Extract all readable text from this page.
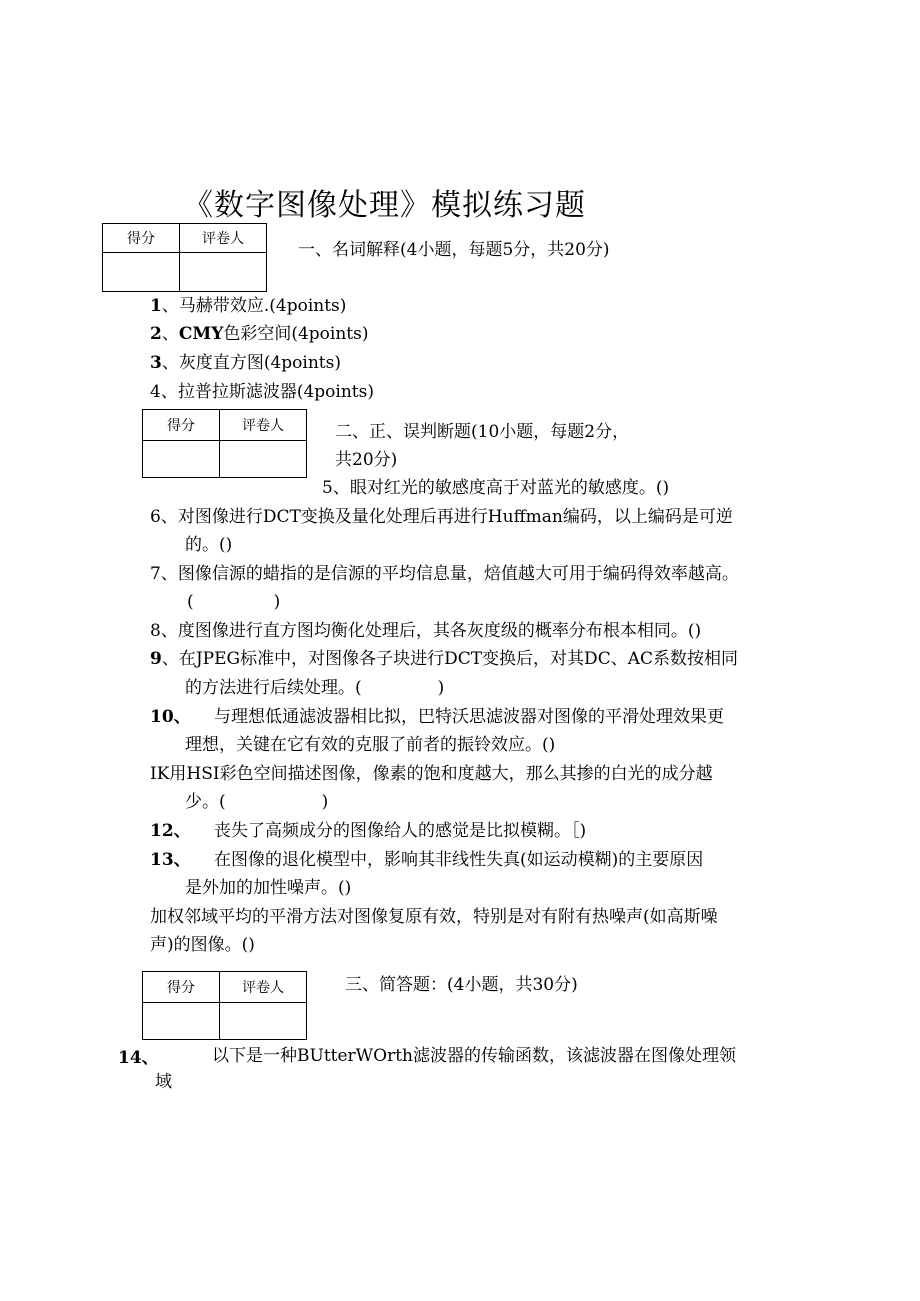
《数字图像处理》模拟练习题
得分	评卷人

一、名词解释(4小题，每题5分，共20分)
1、马赫带效应.(4points)
2、CMY色彩空间(4points)
3、灰度直方图(4points)
4、拉普拉斯滤波器(4points)
得分	评卷人
		二、正、误判断题(10小题，每题2分，
共20分)
5、眼对红光的敏感度高于对蓝光的敏感度。()
6、对图像进行DCT变换及量化处理后再进行Huffman编码，以上编码是可逆
的。()
7、图像信源的蜡指的是信源的平均信息量，焙值越大可用于编码得效率越高。
(	)
8、度图像进行直方图均衡化处理后，其各灰度级的概率分布根本相同。()
9、在JPEG标准中，对图像各子块进行DCT变换后，对其DC、AC系数按相同
的方法进行后续处理。(	)
10、 与理想低通滤波器相比拟，巴特沃思滤波器对图像的平滑处理效果更
理想，关键在它有效的克服了前者的振铃效应。()
IK用HSI彩色空间描述图像，像素的饱和度越大，那么其掺的白光的成分越
少。(	)
12、 丧失了高频成分的图像给人的感觉是比拟模糊。［)
13、 在图像的退化模型中，影响其非线性失真(如运动模糊)的主要原因
是外加的加性噪声。()
加权邻域平均的平滑方法对图像复原有效，特别是对有附有热噪声(如高斯噪
声)的图像。()
得分	评卷人
		三、简答题：(4小题，共30分)
14、	以下是一种BUtterWOrth滤波器的传输函数，该滤波器在图像处理领
域
